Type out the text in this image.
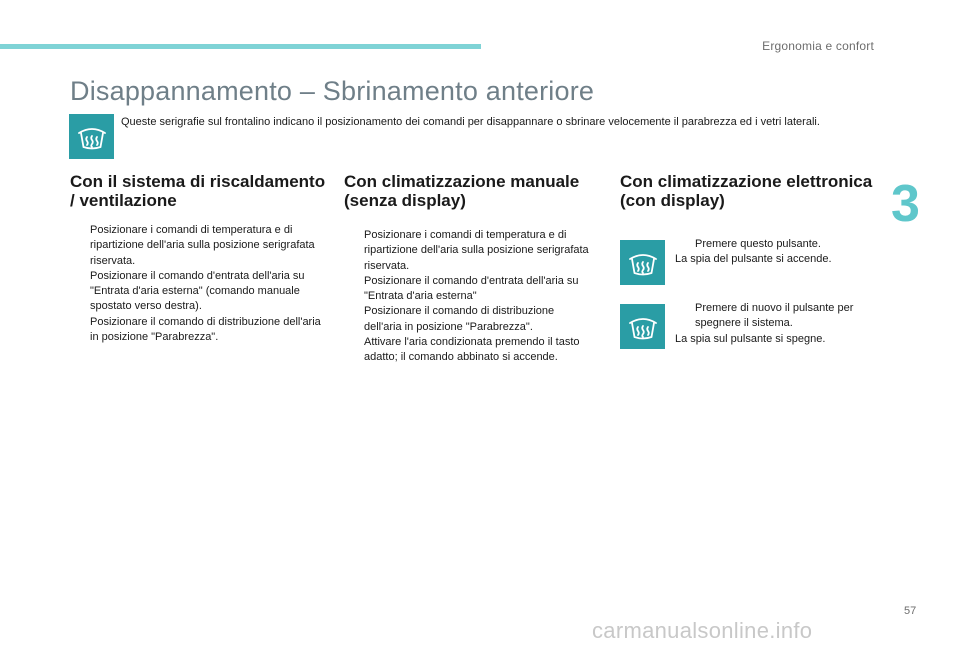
Ergonomia e confort
3
Disappannamento – Sbrinamento anteriore

Queste serigrafie sul frontalino indicano il posizionamento dei comandi per disappannare o sbrinare velocemente il parabrezza ed i vetri laterali.

Con il sistema di riscaldamento / ventilazione
Posizionare i comandi di temperatura e di ripartizione dell'aria sulla posizione serigrafata riservata.
Posizionare il comando d'entrata dell'aria su "Entrata d'aria esterna" (comando manuale spostato verso destra).
Posizionare il comando di distribuzione dell'aria in posizione "Parabrezza".
Con climatizzazione manuale (senza display)
Posizionare i comandi di temperatura e di ripartizione dell'aria sulla posizione serigrafata riservata.
Posizionare il comando d'entrata dell'aria su "Entrata d'aria esterna"
Posizionare il comando di distribuzione dell'aria in posizione "Parabrezza".
Attivare l'aria condizionata premendo il tasto adatto; il comando abbinato si accende.
Con climatizzazione elettronica (con display)
Premere questo pulsante.
La spia del pulsante si accende.
Premere di nuovo il pulsante per spegnere il sistema.
La spia sul pulsante si spegne.
57
carmanualsonline.info
